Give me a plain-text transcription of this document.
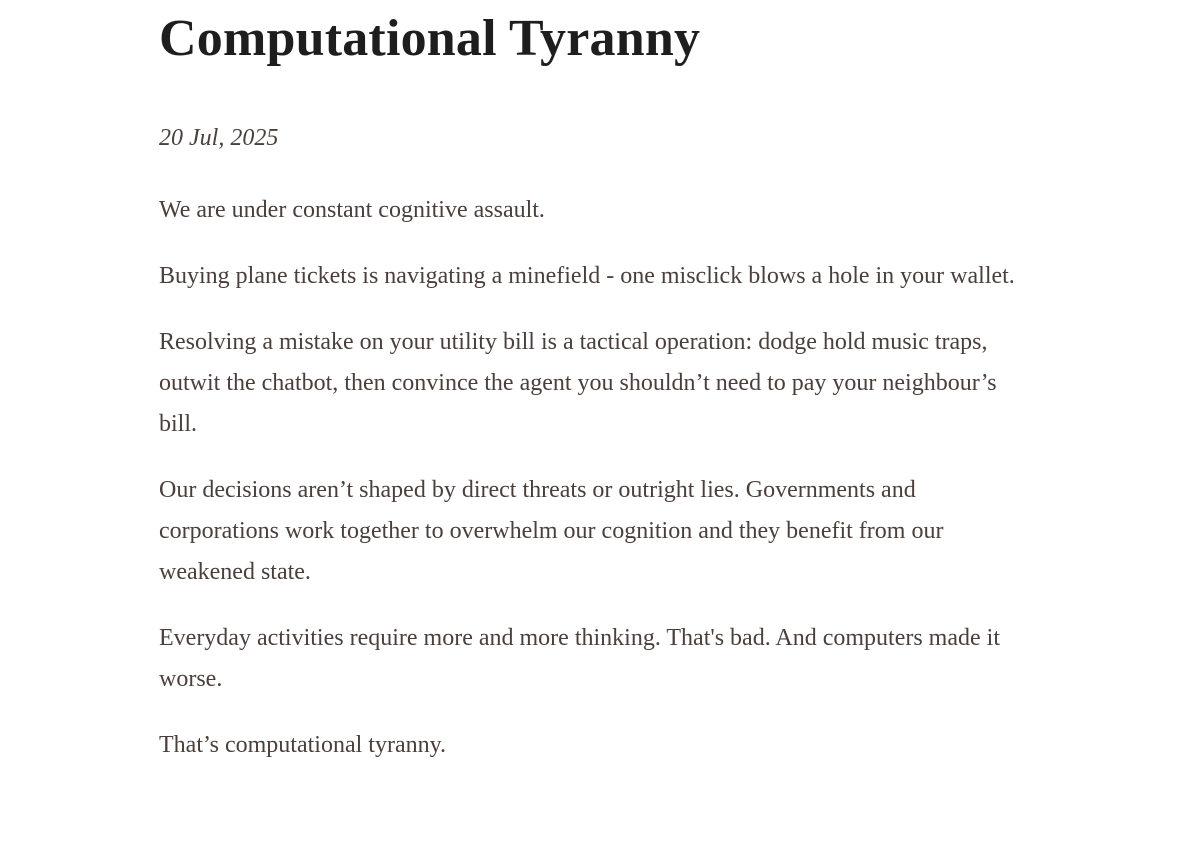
Computational Tyranny

20 Jul, 2025

We are under constant cognitive assault.

Buying plane tickets is navigating a minefield - one misclick blows a hole in your wallet.

Resolving a mistake on your utility bill is a tactical operation: dodge hold music traps, outwit the chatbot, then convince the agent you shouldn’t need to pay your neighbour’s bill.

Our decisions aren’t shaped by direct threats or outright lies. Governments and corporations work together to overwhelm our cognition and they benefit from our weakened state.

Everyday activities require more and more thinking. That's bad. And computers made it worse.

That’s computational tyranny.
